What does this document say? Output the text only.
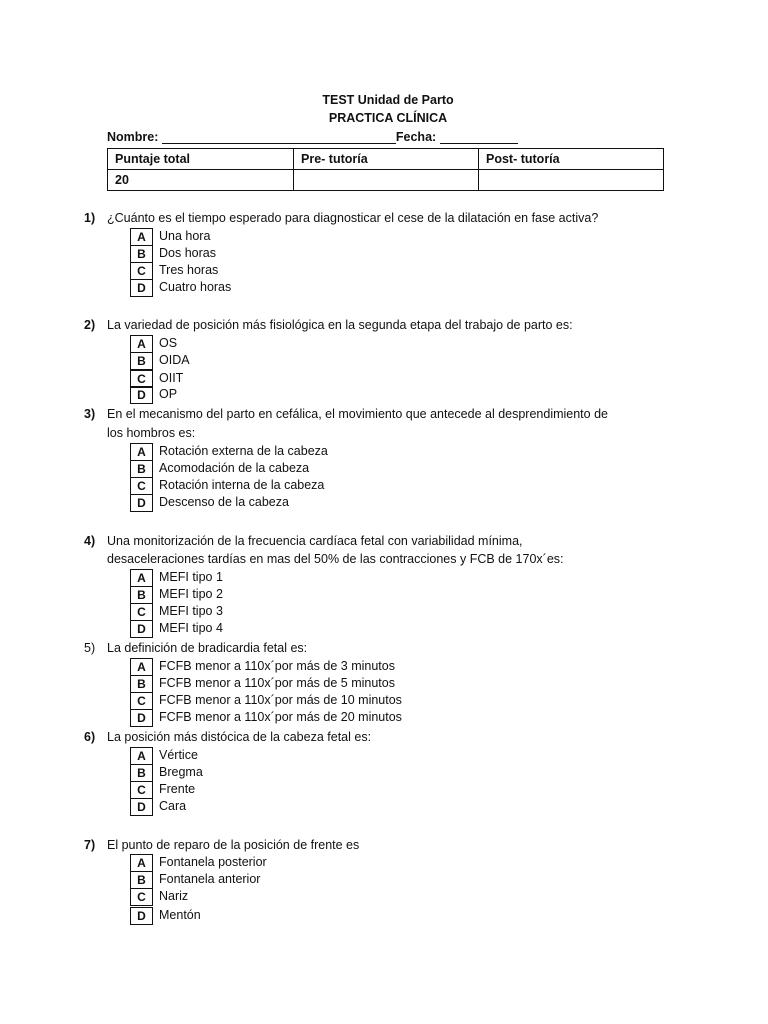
TEST Unidad de Parto
PRACTICA CLÍNICA
Nombre:	Fecha:
Puntaje total	Pre- tutoría	Post- tutoría
20		
1) ¿Cuánto es el tiempo esperado para diagnosticar el cese de la dilatación en fase activa?
A	Una hora
B	Dos horas
C	Tres horas
D	Cuatro horas
2) La variedad de posición más fisiológica en la segunda etapa del trabajo de parto es:
A	OS
B	OIDA
C	OIIT
D	OP
3) En el mecanismo del parto en cefálica, el movimiento que antecede al desprendimiento de
los hombros es:
A	Rotación externa de la cabeza
B	Acomodación de la cabeza
C	Rotación interna de la cabeza
D	Descenso de la cabeza
4) Una monitorización de la frecuencia cardíaca fetal con variabilidad mínima,
desaceleraciones tardías en mas del 50% de las contracciones y FCB de 170x´es:
A	MEFI tipo 1
B	MEFI tipo 2
C	MEFI tipo 3
D	MEFI tipo 4
5) La definición de bradicardia fetal es:
A	FCFB menor a 110x´por más de 3 minutos
B	FCFB menor a 110x´por más de 5 minutos
C	FCFB menor a 110x´por más de 10 minutos
D	FCFB menor a 110x´por más de 20 minutos
6) La posición más distócica de la cabeza fetal es:
A	Vértice
B	Bregma
C	Frente
D	Cara
7) El punto de reparo de la posición de frente es
A	Fontanela posterior
B	Fontanela anterior
C	Nariz
D	Mentón
